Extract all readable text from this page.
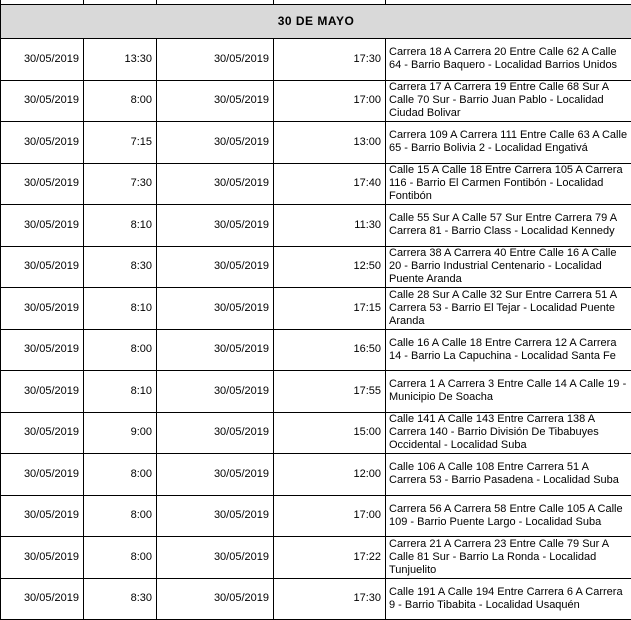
30 DE MAYO				
30/05/2019	13:30	30/05/2019	17:30	Carrera 18 A Carrera 20 Entre Calle 62 A Calle 64 - Barrio Baquero - Localidad Barrios Unidos
30/05/2019	8:00	30/05/2019	17:00	Carrera 17 A Carrera 19 Entre Calle 68 Sur A Calle 70 Sur - Barrio Juan Pablo - Localidad Ciudad Bolivar
30/05/2019	7:15	30/05/2019	13:00	Carrera 109 A Carrera 111 Entre Calle 63 A Calle 65 - Barrio Bolivia 2 - Localidad Engativá
30/05/2019	7:30	30/05/2019	17:40	Calle 15 A Calle 18 Entre Carrera 105 A Carrera 116 - Barrio El Carmen Fontibón - Localidad Fontibón
30/05/2019	8:10	30/05/2019	11:30	Calle 55 Sur A Calle 57 Sur Entre Carrera 79 A Carrera 81 - Barrio Class - Localidad Kennedy
30/05/2019	8:30	30/05/2019	12:50	Carrera 38 A Carrera 40 Entre Calle 16 A Calle 20 - Barrio Industrial Centenario - Localidad Puente Aranda
30/05/2019	8:10	30/05/2019	17:15	Calle 28 Sur A Calle 32 Sur Entre Carrera 51 A Carrera 53 - Barrio El Tejar - Localidad Puente Aranda
30/05/2019	8:00	30/05/2019	16:50	Calle 16 A Calle 18 Entre Carrera 12 A Carrera 14 - Barrio La Capuchina - Localidad Santa Fe
30/05/2019	8:10	30/05/2019	17:55	Carrera 1 A Carrera 3 Entre Calle 14 A Calle 19 - Municipio De Soacha
30/05/2019	9:00	30/05/2019	15:00	Calle 141 A Calle 143 Entre Carrera 138 A Carrera 140 - Barrio División De Tibabuyes Occidental - Localidad Suba
30/05/2019	8:00	30/05/2019	12:00	Calle 106 A Calle 108 Entre Carrera 51 A Carrera 53 - Barrio Pasadena - Localidad Suba
30/05/2019	8:00	30/05/2019	17:00	Carrera 56 A Carrera 58 Entre Calle 105 A Calle 109 - Barrio Puente Largo - Localidad Suba
30/05/2019	8:00	30/05/2019	17:22	Carrera 21 A Carrera 23 Entre Calle 79 Sur A Calle 81 Sur - Barrio La Ronda - Localidad Tunjuelito
30/05/2019	8:30	30/05/2019	17:30	Calle 191 A Calle 194 Entre Carrera 6 A Carrera 9 - Barrio Tibabita - Localidad Usaquén
